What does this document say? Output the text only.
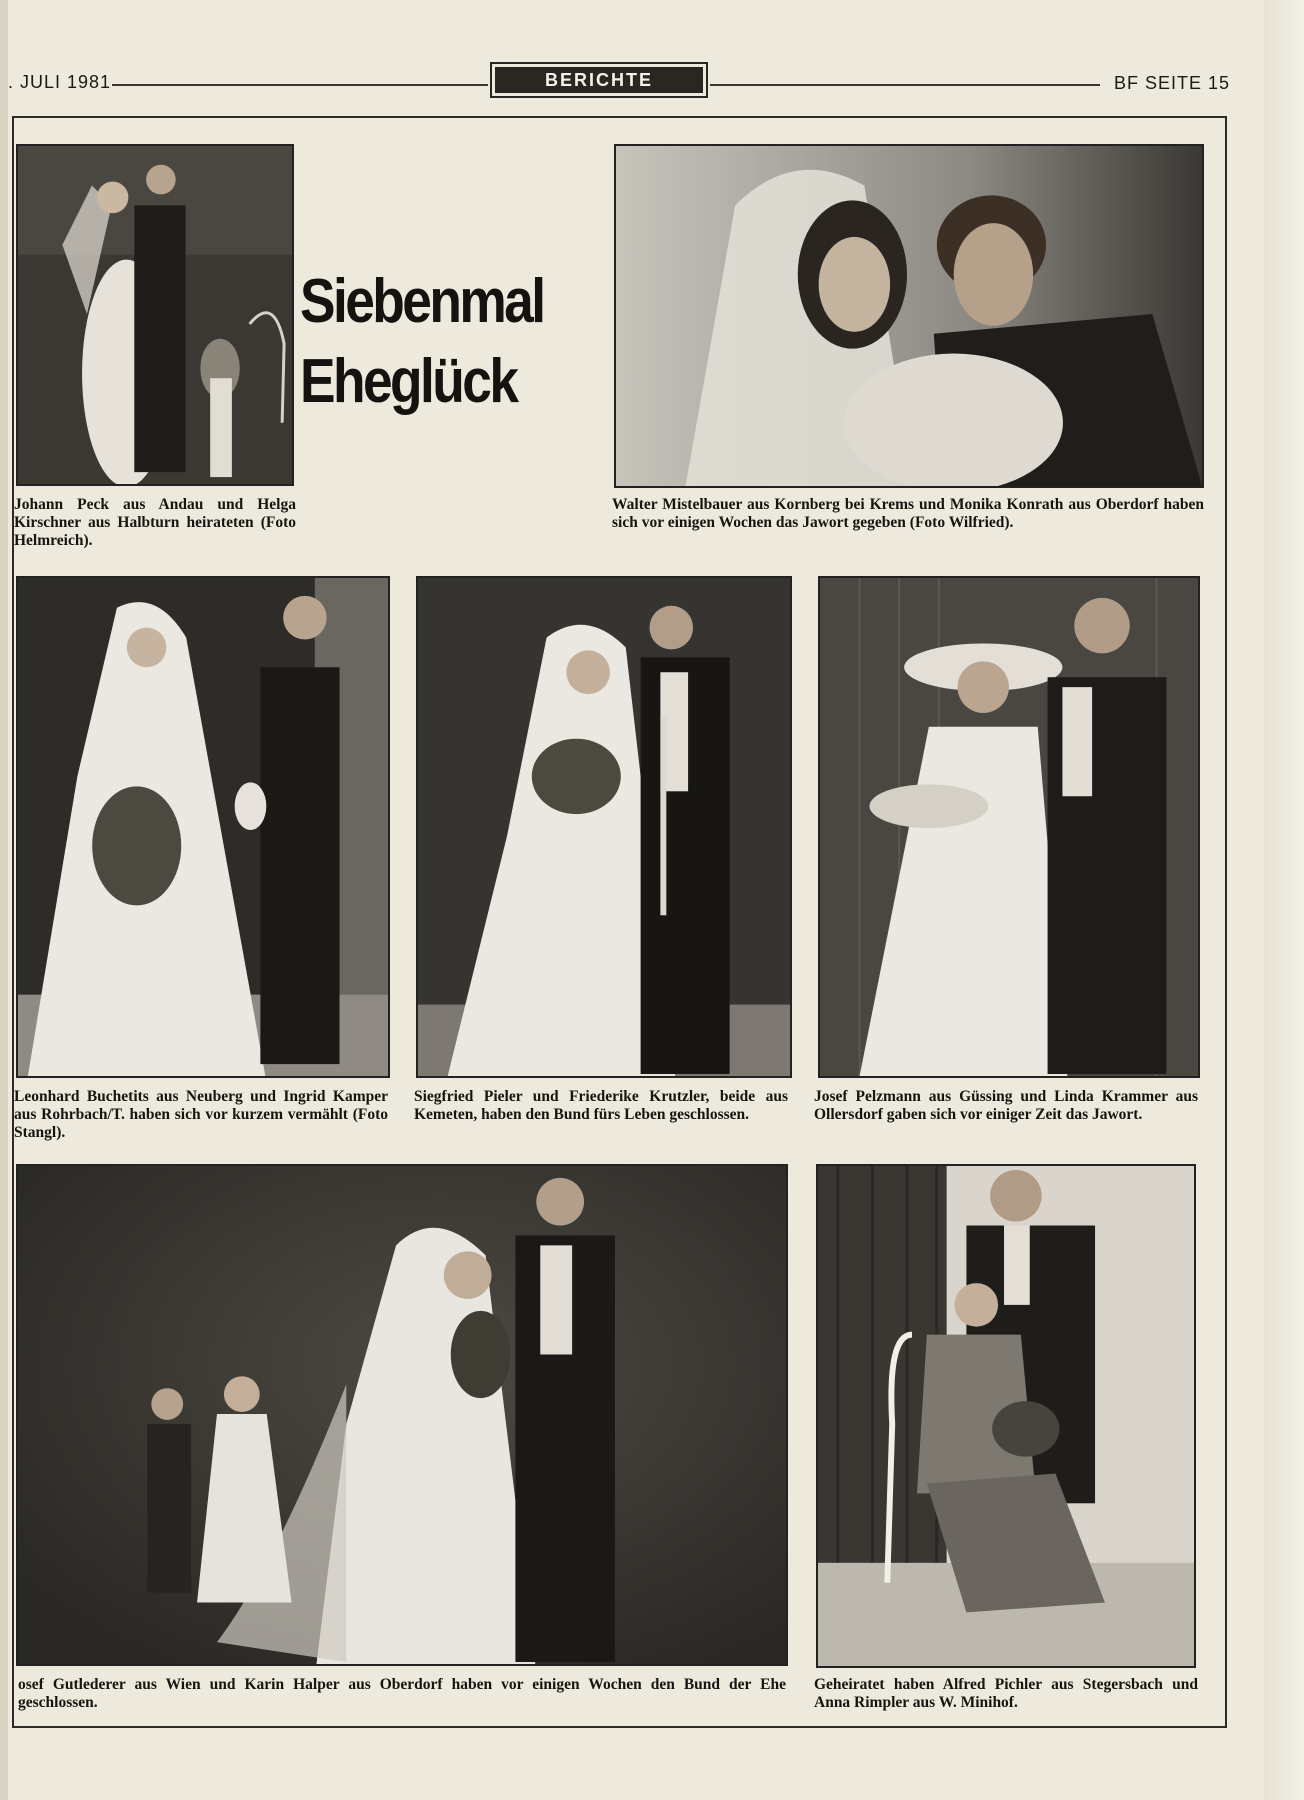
. JULI 1981	BERICHTE	BF SEITE 15
Siebenmal
Eheglück
Johann Peck aus Andau und Helga Kirschner aus Halbturn heirateten (Foto Helmreich).
Walter Mistelbauer aus Kornberg bei Krems und Monika Konrath aus Oberdorf haben sich vor einigen Wochen das Jawort gegeben (Foto Wilfried).
Leonhard Buchetits aus Neuberg und Ingrid Kamper aus Rohrbach/T. haben sich vor kurzem vermählt (Foto Stangl).
Siegfried Pieler und Friederike Krutzler, beide aus Kemeten, haben den Bund fürs Leben geschlossen.
Josef Pelzmann aus Güssing und Linda Krammer aus Ollersdorf gaben sich vor einiger Zeit das Jawort.
osef Gutlederer aus Wien und Karin Halper aus Oberdorf haben vor einigen Wochen den Bund der Ehe geschlossen.
Geheiratet haben Alfred Pichler aus Stegersbach und Anna Rimpler aus W. Minihof.
